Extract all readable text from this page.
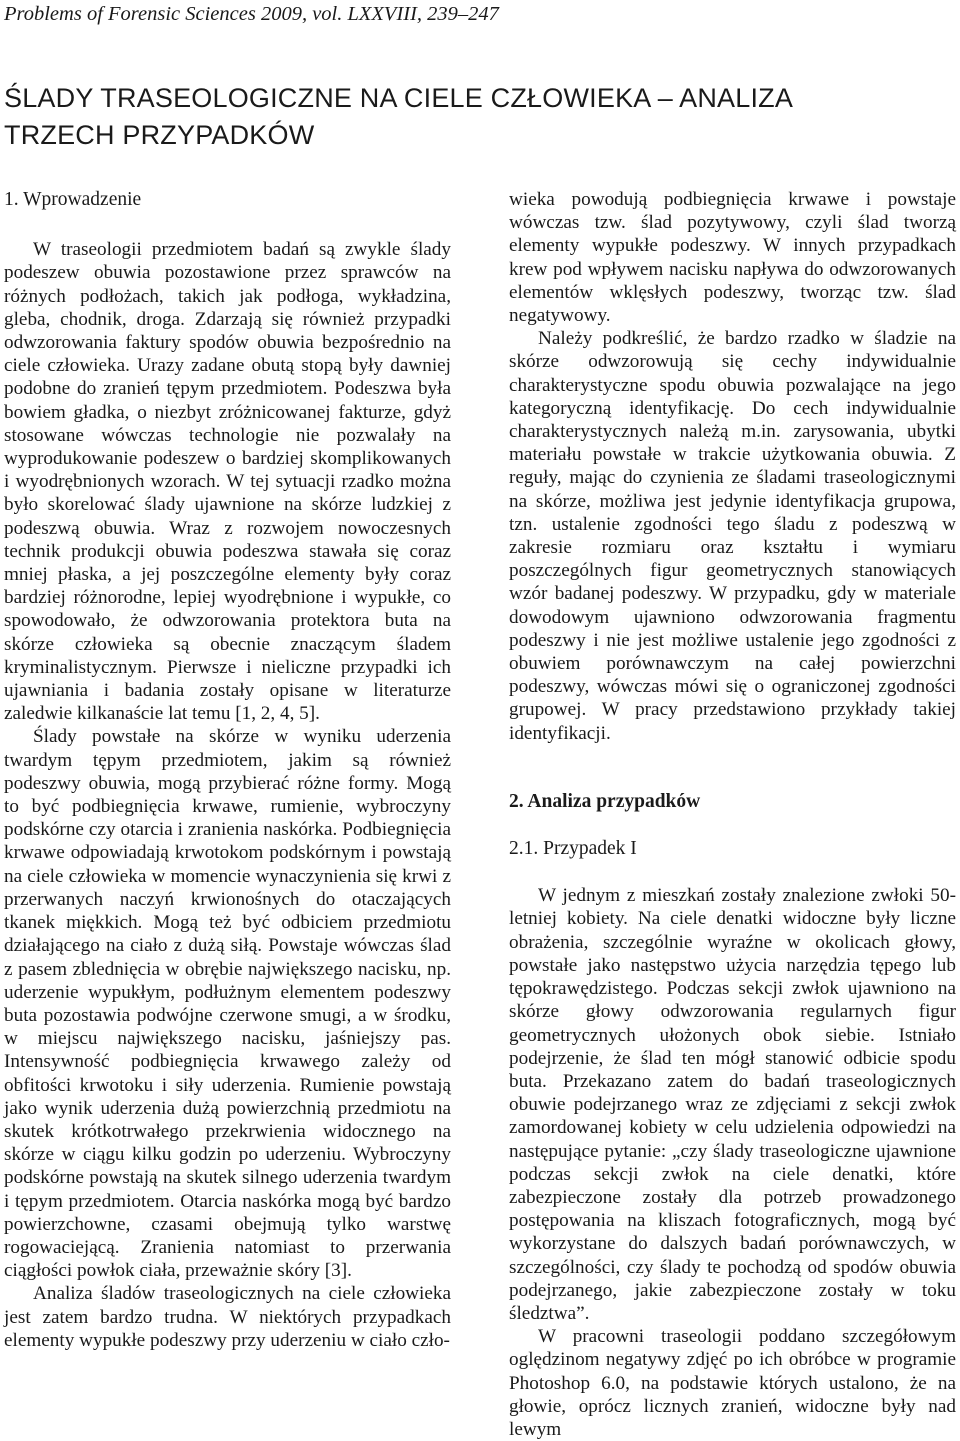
Problems of Forensic Sciences 2009, vol. LXXVIII, 239–247
ŚLADY TRASEOLOGICZNE NA CIELE CZŁOWIEKA – ANALIZA
TRZECH PRZYPADKÓW
1. Wprowadzenie

W traseologii przedmiotem badań są zwykle ślady podeszew obuwia pozostawione przez sprawców na różnych podłożach, takich jak podłoga, wykładzina, gleba, chodnik, droga. Zdarzają się również przypadki odwzorowania faktury spodów obuwia bezpośrednio na ciele człowieka. Urazy zadane obutą stopą były dawniej podobne do zranień tępym przedmiotem. Podeszwa była bowiem gładka, o niezbyt zróżnicowanej fakturze, gdyż stosowane wówczas technologie nie pozwalały na wyprodukowanie podeszew o bardziej skomplikowanych i wyodrębnionych wzorach. W tej sytuacji rzadko można było skorelować ślady ujawnione na skórze ludzkiej z podeszwą obuwia. Wraz z rozwojem nowoczesnych technik produkcji obuwia podeszwa stawała się coraz mniej płaska, a jej poszczególne elementy były coraz bardziej różnorodne, lepiej wyodrębnione i wypukłe, co spowodowało, że odwzorowania protektora buta na skórze człowieka są obecnie znaczącym śladem kryminalistycznym. Pierwsze i nieliczne przypadki ich ujawniania i badania zostały opisane w literaturze zaledwie kilkanaście lat temu [1, 2, 4, 5].

Ślady powstałe na skórze w wyniku uderzenia twardym tępym przedmiotem, jakim są również podeszwy obuwia, mogą przybierać różne formy. Mogą to być podbiegnięcia krwawe, rumienie, wybroczyny podskórne czy otarcia i zranienia naskórka. Podbiegnięcia krwawe odpowiadają krwotokom podskórnym i powstają na ciele człowieka w momencie wynaczynienia się krwi z przerwanych naczyń krwionośnych do otaczających tkanek miękkich. Mogą też być odbiciem przedmiotu działającego na ciało z dużą siłą. Powstaje wówczas ślad z pasem zblednięcia w obrębie największego nacisku, np. uderzenie wypukłym, podłużnym elementem podeszwy buta pozostawia podwójne czerwone smugi, a w środku, w miejscu największego nacisku, jaśniejszy pas. Intensywność podbiegnięcia krwawego zależy od obfitości krwotoku i siły uderzenia. Rumienie powstają jako wynik uderzenia dużą powierzchnią przedmiotu na skutek krótkotrwałego przekrwienia widocznego na skórze w ciągu kilku godzin po uderzeniu. Wybroczyny podskórne powstają na skutek silnego uderzenia twardym i tępym przedmiotem. Otarcia naskórka mogą być bardzo powierzchowne, czasami obejmują tylko warstwę rogowaciejącą. Zranienia natomiast to przerwania ciągłości powłok ciała, przeważnie skóry [3].

Analiza śladów traseologicznych na ciele człowieka jest zatem bardzo trudna. W niektórych przypadkach elementy wypukłe podeszwy przy uderzeniu w ciało czło-

wieka powodują podbiegnięcia krwawe i powstaje wówczas tzw. ślad pozytywowy, czyli ślad tworzą elementy wypukłe podeszwy. W innych przypadkach krew pod wpływem nacisku napływa do odwzorowanych elementów wklęsłych podeszwy, tworząc tzw. ślad negatywowy.

Należy podkreślić, że bardzo rzadko w śladzie na skórze odwzorowują się cechy indywidualnie charakterystyczne spodu obuwia pozwalające na jego kategoryczną identyfikację. Do cech indywidualnie charakterystycznych należą m.in. zarysowania, ubytki materiału powstałe w trakcie użytkowania obuwia. Z reguły, mając do czynienia ze śladami traseologicznymi na skórze, możliwa jest jedynie identyfikacja grupowa, tzn. ustalenie zgodności tego śladu z podeszwą w zakresie rozmiaru oraz kształtu i wymiaru poszczególnych figur geometrycznych stanowiących wzór badanej podeszwy. W przypadku, gdy w materiale dowodowym ujawniono odwzorowania fragmentu podeszwy i nie jest możliwe ustalenie jego zgodności z obuwiem porównawczym na całej powierzchni podeszwy, wówczas mówi się o ograniczonej zgodności grupowej. W pracy przedstawiono przykłady takiej identyfikacji.

2. Analiza przypadków
2.1. Przypadek I

W jednym z mieszkań zostały znalezione zwłoki 50-letniej kobiety. Na ciele denatki widoczne były liczne obrażenia, szczególnie wyraźne w okolicach głowy, powstałe jako następstwo użycia narzędzia tępego lub tępokrawędzistego. Podczas sekcji zwłok ujawniono na skórze głowy odwzorowania regularnych figur geometrycznych ułożonych obok siebie. Istniało podejrzenie, że ślad ten mógł stanowić odbicie spodu buta. Przekazano zatem do badań traseologicznych obuwie podejrzanego wraz ze zdjęciami z sekcji zwłok zamordowanej kobiety w celu udzielenia odpowiedzi na następujące pytanie: „czy ślady traseologiczne ujawnione podczas sekcji zwłok na ciele denatki, które zabezpieczone zostały dla potrzeb prowadzonego postępowania na kliszach fotograficznych, mogą być wykorzystane do dalszych badań porównawczych, w szczególności, czy ślady te pochodzą od spodów obuwia podejrzanego, jakie zabezpieczone zostały w toku śledztwa”.

W pracowni traseologii poddano szczegółowym oględzinom negatywy zdjęć po ich obróbce w programie Photoshop 6.0, na podstawie których ustalono, że na głowie, oprócz licznych zranień, widoczne były nad lewym
